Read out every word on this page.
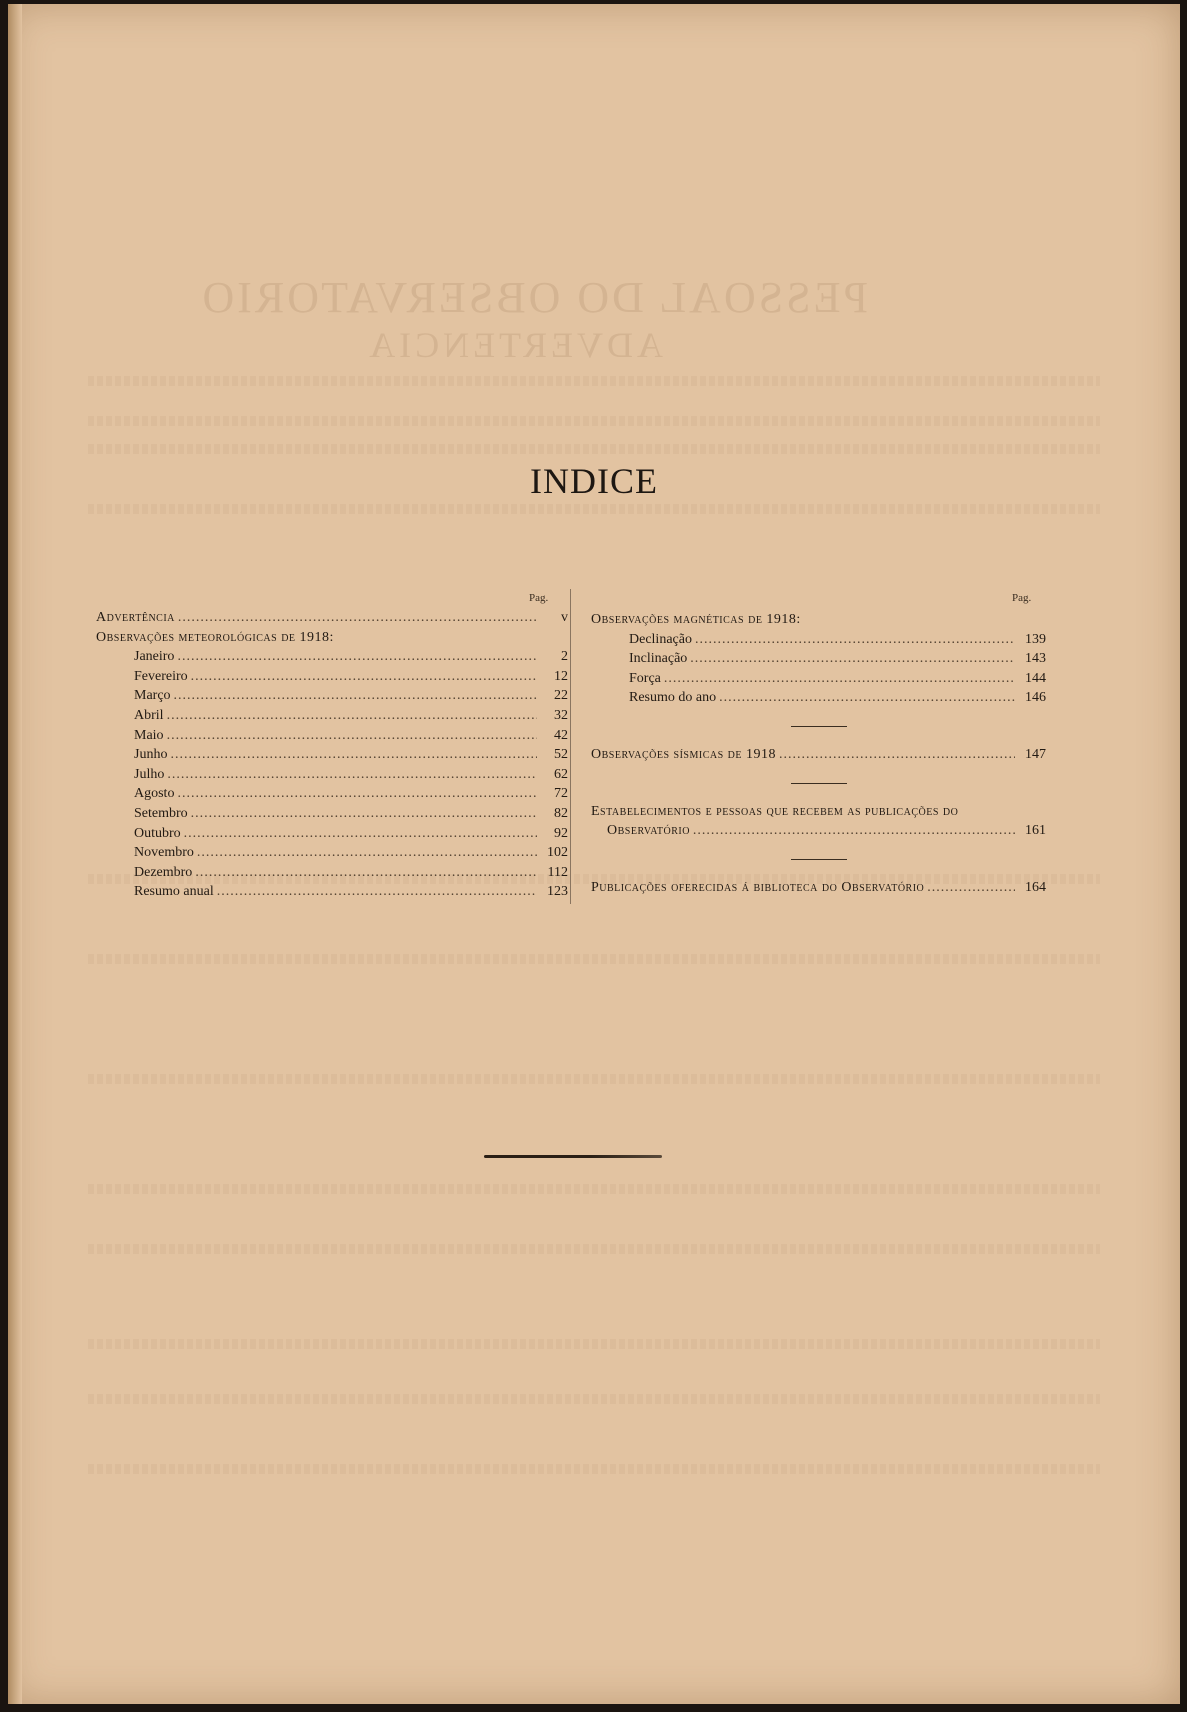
PESSOAL DO OBSERVATORIO
ADVERTENCIA
INDICE
Pag.	Pag.
Advertência .....	v
Observações meteorológicas de 1918:
Janeiro .....	2
Fevereiro .....	12
Março .....	22
Abril .....	32
Maio .....	42
Junho .....	52
Julho .....	62
Agosto .....	72
Setembro .....	82
Outubro .....	92
Novembro .....	102
Dezembro .....	112
Resumo anual .....	123
Observações magnéticas de 1918:
Declinação .....	139
Inclinação .....	143
Força .....	144
Resumo do ano .....	146
Observações sísmicas de 1918 .....	147
Estabelecimentos e pessoas que recebem as publicações do
Observatório .....	161
Publicações oferecidas á biblioteca do Observatório .....	164
